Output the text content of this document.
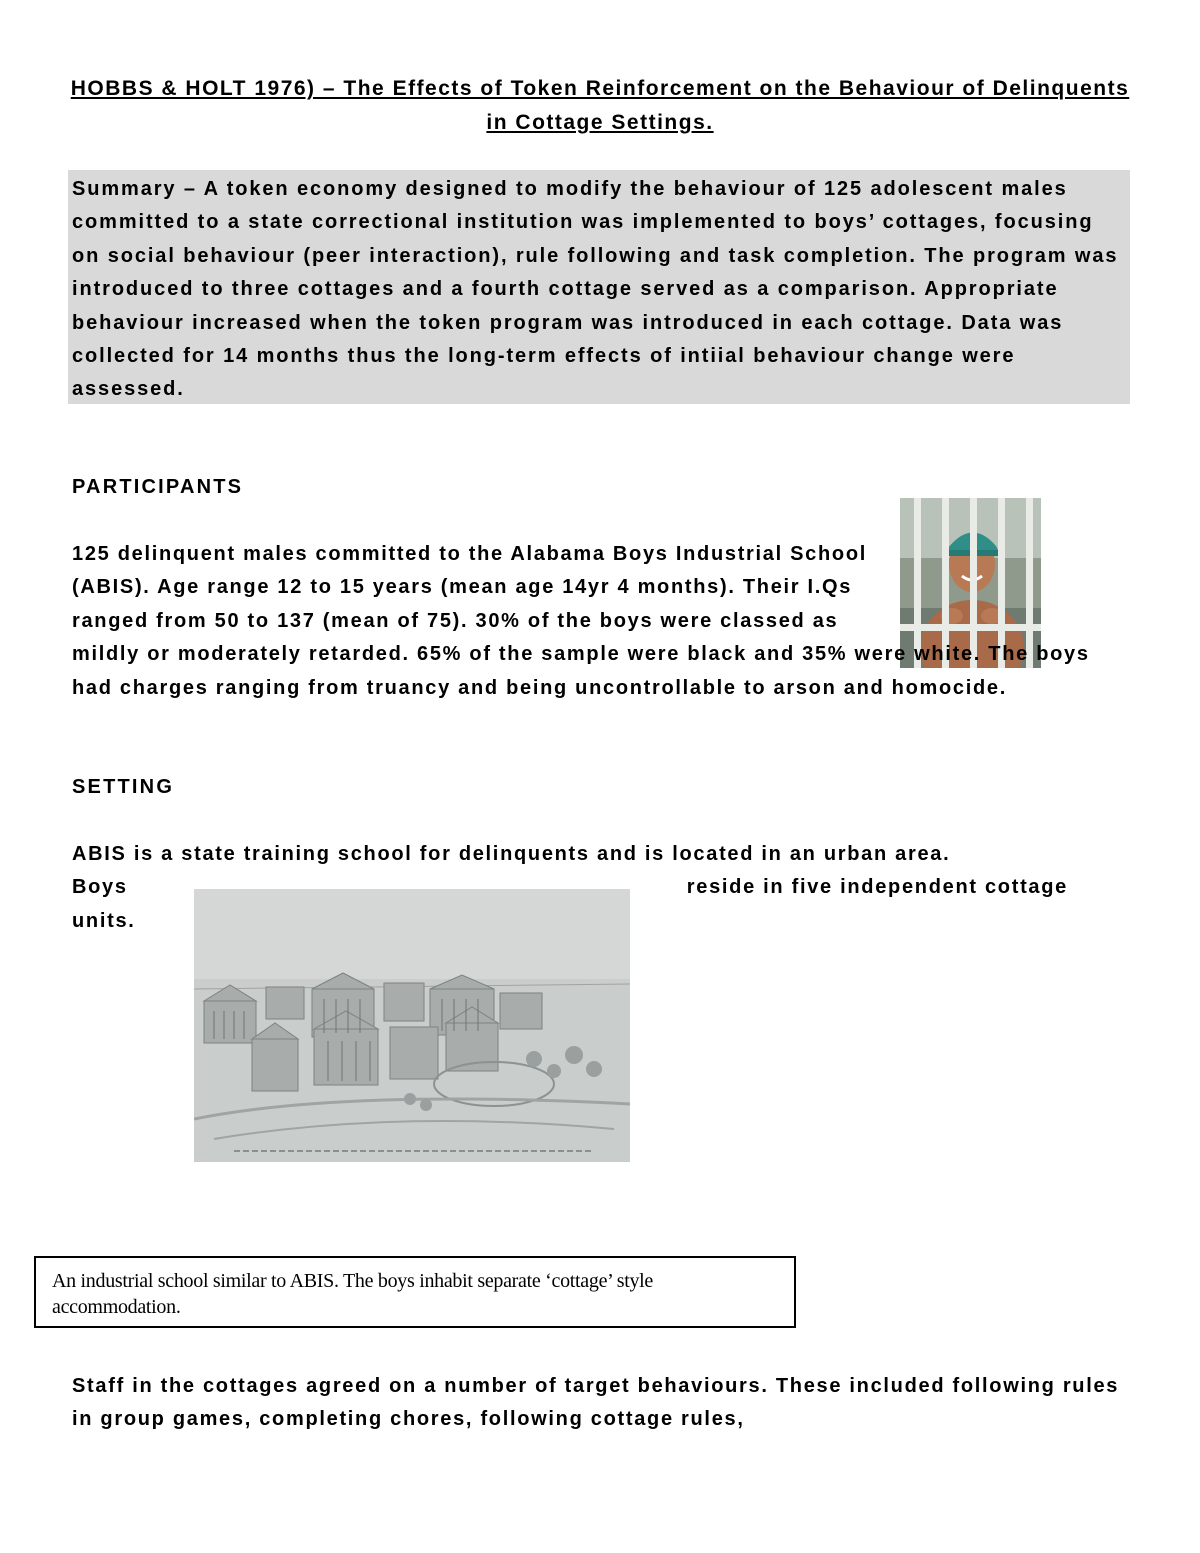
HOBBS & HOLT 1976) – The Effects of Token Reinforcement on the Behaviour of Delinquents in Cottage Settings.

Summary – A token economy designed to modify the behaviour of 125 adolescent males committed to a state correctional institution was implemented to boys’ cottages, focusing on social behaviour (peer interaction), rule following and task completion. The program was introduced to three cottages and a fourth cottage served as a comparison. Appropriate behaviour increased when the token program was introduced in each cottage. Data was collected for 14 months thus the long-term effects of intiial behaviour change were assessed.

PARTICIPANTS
125 delinquent males committed to the Alabama Boys Industrial School (ABIS). Age range 12 to 15 years (mean age 14yr 4 months). Their I.Qs ranged from 50 to 137 (mean of 75). 30% of the boys were classed as mildly or moderately retarded. 65% of the sample were black and 35% were white. The boys had charges ranging from truancy and being uncontrollable to arson and homocide.
SETTING
ABIS is a state training school for delinquents and is located in an urban area.
Boys	reside in five independent cottage
units.

An industrial school similar to ABIS. The boys inhabit separate ‘cottage’ style accommodation.

Staff in the cottages agreed on a number of target behaviours. These included following rules in group games, completing chores, following cottage rules,
